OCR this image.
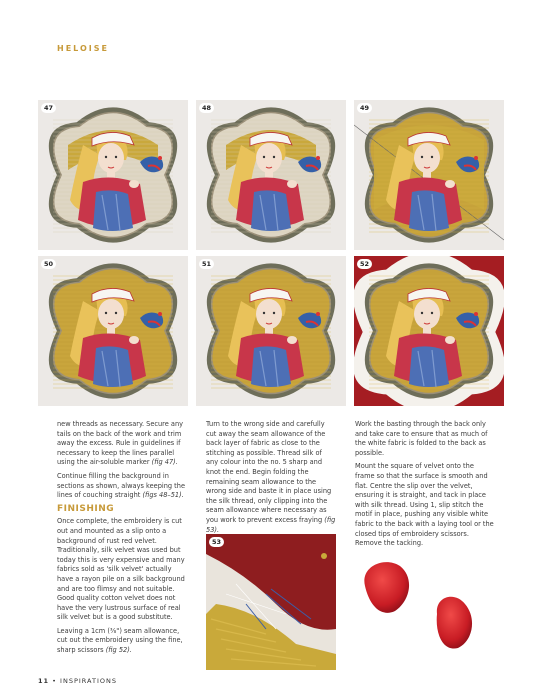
HELOISE
47	48	49
50	51	52

new threads as necessary. Secure any tails on the back of the work and trim away the excess. Rule in guidelines if necessary to keep the lines parallel using the air-soluble marker (fig 47).

Continue filling the background in sections as shown, always keeping the lines of couching straight (figs 48–51).

FINISHING

Once complete, the embroidery is cut out and mounted as a slip onto a background of rust red velvet. Traditionally, silk velvet was used but today this is very expensive and many fabrics sold as 'silk velvet' actually have a rayon pile on a silk background and are too flimsy and not suitable. Good quality cotton velvet does not have the very lustrous surface of real silk velvet but is a good substitute.

Leaving a 1cm (⅜") seam allowance, cut out the embroidery using the fine, sharp scissors (fig 52).

Turn to the wrong side and carefully cut away the seam allowance of the back layer of fabric as close to the stitching as possible. Thread silk of any colour into the no. 5 sharp and knot the end. Begin folding the remaining seam allowance to the wrong side and baste it in place using the silk thread, only clipping into the seam allowance where necessary as you work to prevent excess fraying (fig 53).

53

Work the basting through the back only and take care to ensure that as much of the white fabric is folded to the back as possible.

Mount the square of velvet onto the frame so that the surface is smooth and flat. Centre the slip over the velvet, ensuring it is straight, and tack in place with silk thread. Using 1, slip stitch the motif in place, pushing any visible white fabric to the back with a laying tool or the closed tips of embroidery scissors. Remove the tacking.

11 • INSPIRATIONS
